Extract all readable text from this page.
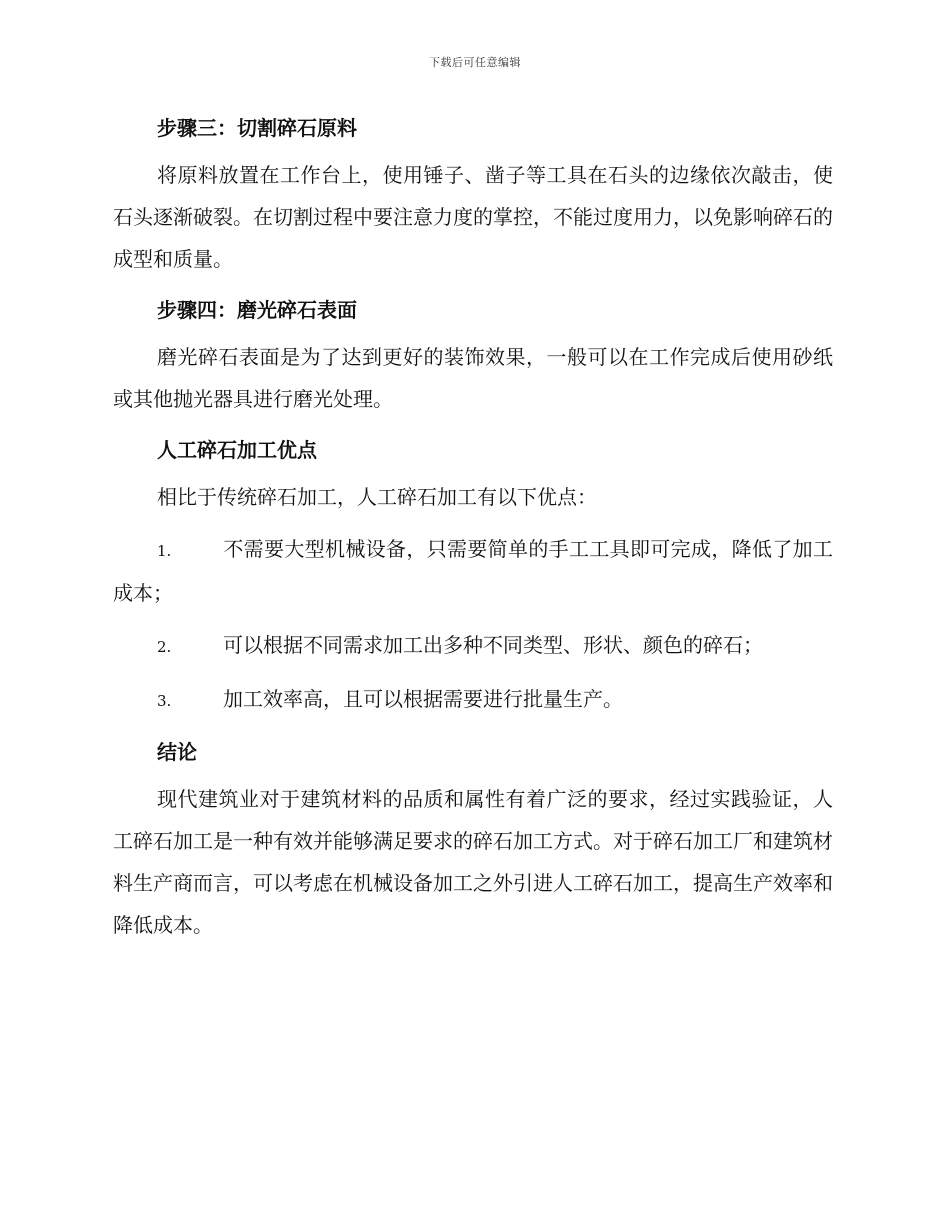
下载后可任意编辑
步骤三：切割碎石原料

将原料放置在工作台上，使用锤子、凿子等工具在石头的边缘依次敲击，使石头逐渐破裂。在切割过程中要注意力度的掌控，不能过度用力，以免影响碎石的成型和质量。

步骤四：磨光碎石表面

磨光碎石表面是为了达到更好的装饰效果，一般可以在工作完成后使用砂纸或其他抛光器具进行磨光处理。

人工碎石加工优点

相比于传统碎石加工，人工碎石加工有以下优点：

1.	不需要大型机械设备，只需要简单的手工工具即可完成，降低了加工成本；

2.	可以根据不同需求加工出多种不同类型、形状、颜色的碎石；

3.	加工效率高，且可以根据需要进行批量生产。

结论

现代建筑业对于建筑材料的品质和属性有着广泛的要求，经过实践验证，人工碎石加工是一种有效并能够满足要求的碎石加工方式。对于碎石加工厂和建筑材料生产商而言，可以考虑在机械设备加工之外引进人工碎石加工，提高生产效率和降低成本。
